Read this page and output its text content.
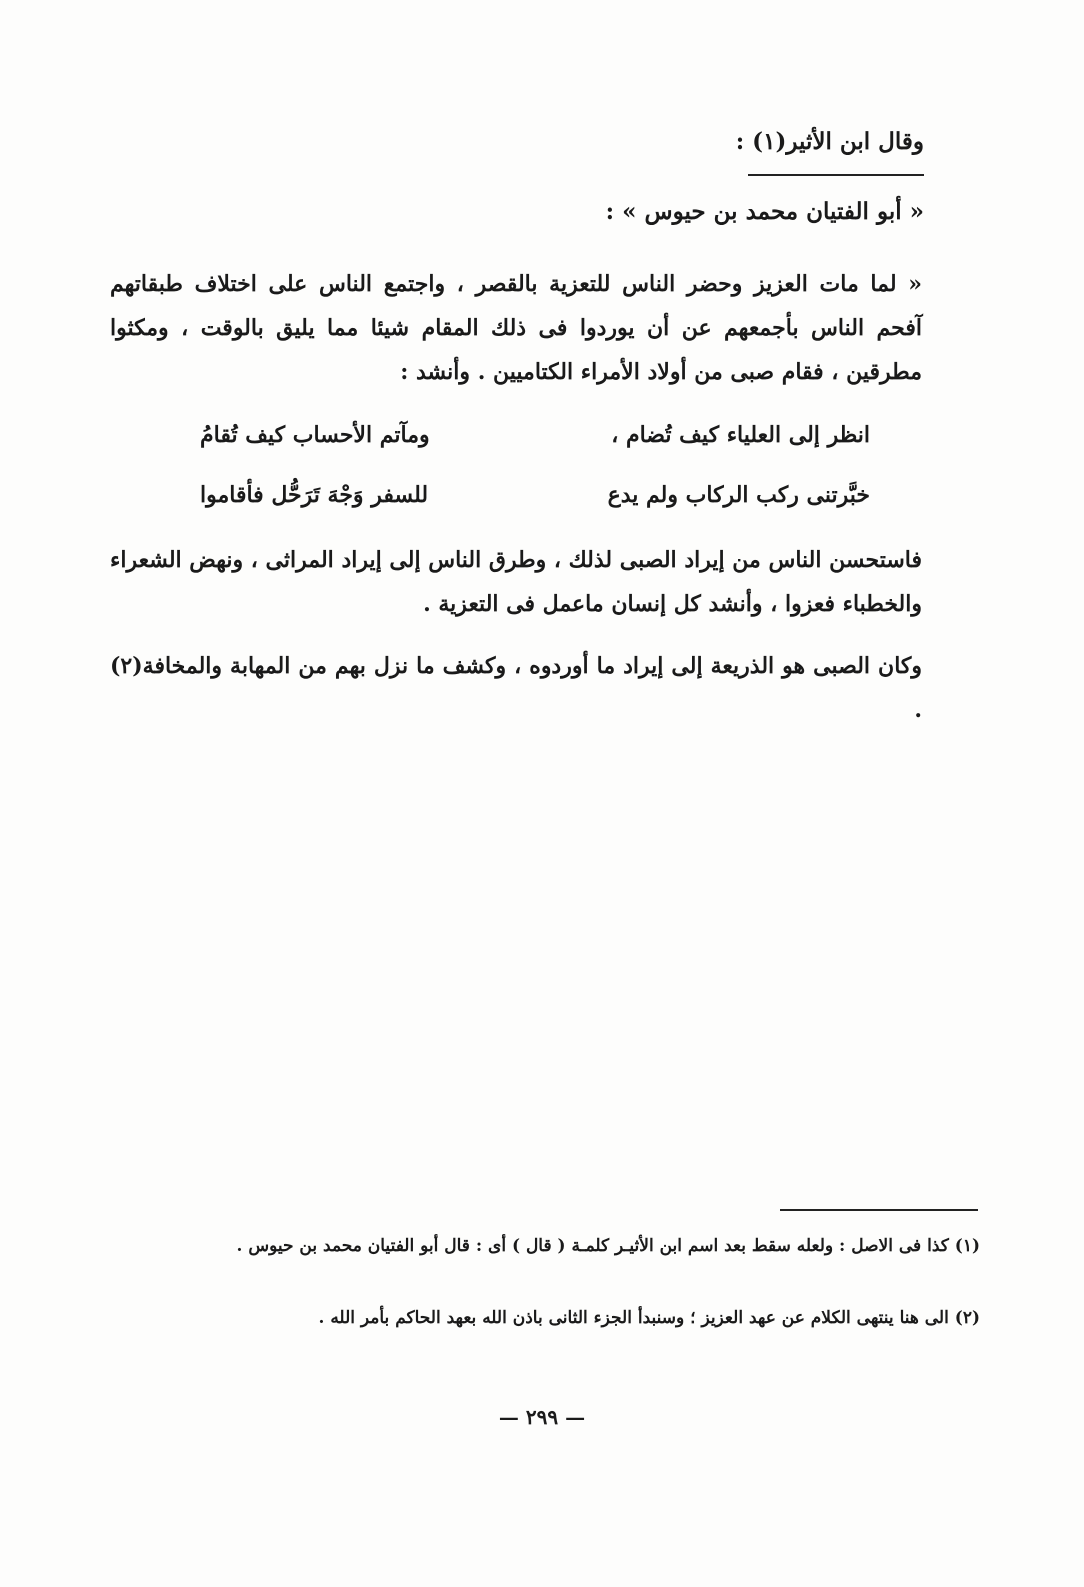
وقال ابن الأثير(١) :
« أبو الفتيان محمد بن حيوس » :
« لما مات العزيز وحضر الناس للتعزية بالقصر ، واجتمع الناس على اختلاف طبقاتهم آفحم الناس بأجمعهم عن أن يوردوا فى ذلك المقام شيئا مما يليق بالوقت ، ومكثوا مطرقين ، فقام صبى من أولاد الأمراء الكتاميين . وأنشد :
انظر إلى العلياء كيف تُضام ،
ومآتم الأحساب كيف تُقامُ
خبَّرتنى ركب الركاب ولم يدع
للسفر وَجْهَ تَرَحُّل فأقاموا
فاستحسن الناس من إيراد الصبى لذلك ، وطرق الناس إلى إيراد المراثى ، ونهض الشعراء والخطباء فعزوا ، وأنشد كل إنسان ماعمل فى التعزية .
وكان الصبى هو الذريعة إلى إيراد ما أوردوه ، وكشف ما نزل بهم من المهابة والمخافة(٢) .
(١) كذا فى الاصل : ولعله سقط بعد اسم ابن الأثيـر كلمـة ( قال ) أى : قال أبو الفتيان محمد بن حيوس .
(٢) الى هنا ينتهى الكلام عن عهد العزيز ؛ وسنبدأ الجزء الثانى باذن الله بعهد الحاكم بأمر الله .
— ٢٩٩ —
